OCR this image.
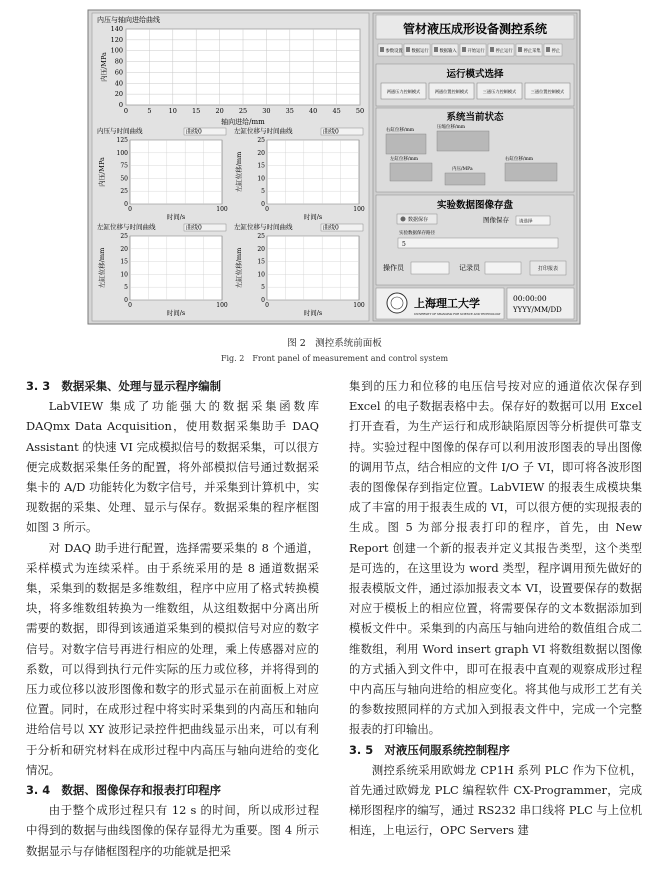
内压与轴向进给曲线
140
120
100
80
60
40
20
0
0	5	10 15 20 25 30 35 40 45 50
内压/MPa
轴向进给/mm
内压与时间曲线	曲线0
125
100
75
50
25
0
0	100
时间/s
内压/MPa
左缸位移与时间曲线	曲线0
25
20
15
10
5
0
0	100
时间/s
左缸位移/mm
左缸位移与时间曲线	曲线0
25
20
15
10
5
0
0	100
时间/s
左缸位移/mm
左缸位移与时间曲线	曲线0
25
20
15
10
5
0
0	100
时间/s
左缸位移/mm
管材液压成形设备测控系统
参数设置 数据运行	数据输入	开始运行	停止运行	停止采集	停止
运行模式选择
两通压力控制模式	两通位置控制模式	三通压力控制模式	三通位置控制模式
系统当前状态
右缸位移/mm
压缩位移/mm
左缸位移/mm
内压/MPa
右缸位移/mm
实验数据图像存盘
数据保存	图像保存 请选择
实验数据保存路径
5
操作员	记录员	打印报表
上海理工大学
UNIVERSITY OF SHANGHAI FOR SCIENCE AND TECHNOLOGY
00:00:00
YYYY/MM/DD
图 2　测控系统前面板
Fig. 2　Front panel of measurement and control system

3. 3　数据采集、处理与显示程序编制

LabVIEW 集成了功能强大的数据采集函数库 DAQmx Data Acquisition，使用数据采集助手 DAQ Assistant 的快速 VI 完成模拟信号的数据采集，可以很方便完成数据采集任务的配置，将外部模拟信号通过数据采集卡的 A/D 功能转化为数字信号，并采集到计算机中，实现数据的采集、处理、显示与保存。数据采集的程序框图如图 3 所示。

对 DAQ 助手进行配置，选择需要采集的 8 个通道，采样模式为连续采样。由于系统采用的是 8 通道数据采集，采集到的数据是多维数组，程序中应用了格式转换模块，将多维数组转换为一维数组，从这组数据中分离出所需要的数据，即得到该通道采集到的模拟信号对应的数字信号。对数字信号再进行相应的处理，乘上传感器对应的系数，可以得到执行元件实际的压力或位移，并将得到的压力或位移以波形图像和数字的形式显示在前面板上对应位置。同时，在成形过程中将实时采集到的内高压和轴向进给信号以 XY 波形记录控件把曲线显示出来，可以有利于分析和研究材料在成形过程中内高压与轴向进给的变化情况。

3. 4　数据、图像保存和报表打印程序

由于整个成形过程只有 12 s 的时间，所以成形过程中得到的数据与曲线图像的保存显得尤为重要。图 4 所示数据显示与存储框图程序的功能就是把采

集到的压力和位移的电压信号按对应的通道依次保存到 Excel 的电子数据表格中去。保存好的数据可以用 Excel 打开查看，为生产运行和成形缺陷原因等分析提供可靠支持。实验过程中图像的保存可以利用波形图表的导出图像的调用节点，结合相应的文件 I/O 子 VI，即可将各波形图表的图像保存到指定位置。LabVIEW 的报表生成模块集成了丰富的用于报表生成的 VI，可以很方便的实现报表的生成。图 5 为部分报表打印的程序，首先，由 New Report 创建一个新的报表并定义其报告类型，这个类型是可选的，在这里设为 word 类型，程序调用预先做好的报表模版文件，通过添加报表文本 VI，设置要保存的数据对应于模板上的相应位置，将需要保存的文本数据添加到模板文件中。采集到的内高压与轴向进给的数值组合成二维数组，利用 Word insert graph VI 将数组数据以图像的方式插入到文件中，即可在报表中直观的观察成形过程中内高压与轴向进给的相应变化。将其他与成形工艺有关的参数按照同样的方式加入到报表文件中，完成一个完整报表的打印输出。

3. 5　对液压伺服系统控制程序

测控系统采用欧姆龙 CP1H 系列 PLC 作为下位机，首先通过欧姆龙 PLC 编程软件 CX-Programmer，完成梯形图程序的编写，通过 RS232 串口线将 PLC 与上位机相连，上电运行，OPC Servers 建
